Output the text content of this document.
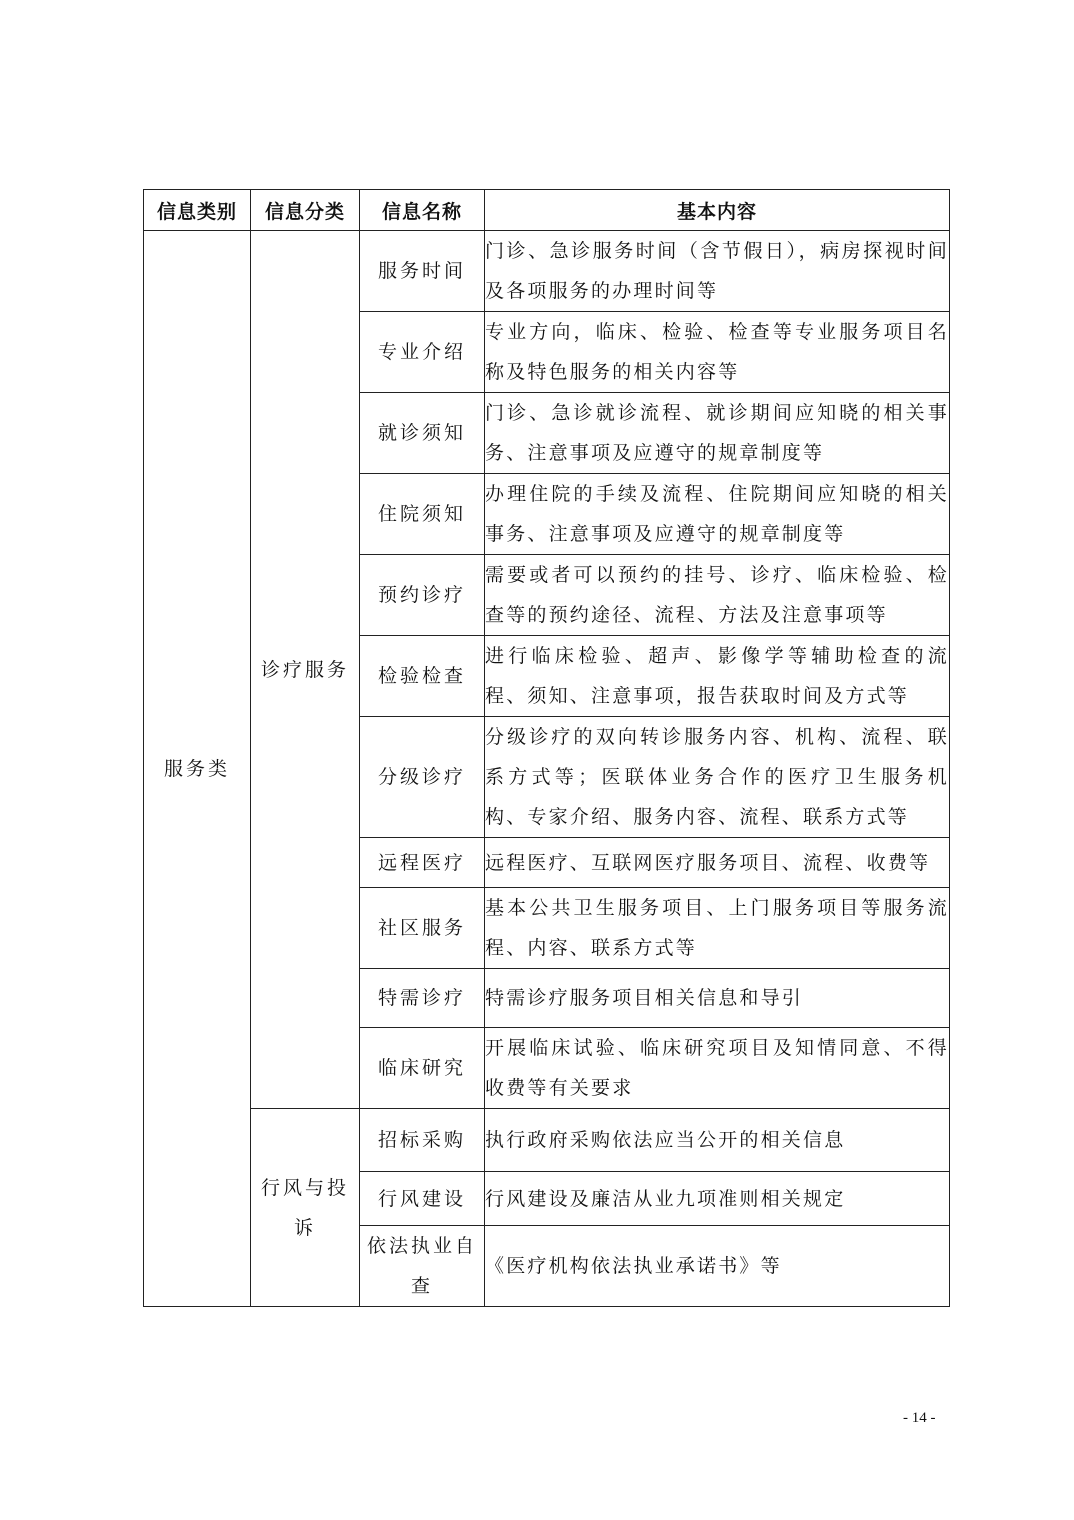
信息类别	信息分类	信息名称	基本内容
服务类	诊疗服务	服务时间	门诊、急诊服务时间（含节假日），病房探视时间及各项服务的办理时间等
		专业介绍	专业方向，临床、检验、检查等专业服务项目名称及特色服务的相关内容等
		就诊须知	门诊、急诊就诊流程、就诊期间应知晓的相关事务、注意事项及应遵守的规章制度等
		住院须知	办理住院的手续及流程、住院期间应知晓的相关事务、注意事项及应遵守的规章制度等
		预约诊疗	需要或者可以预约的挂号、诊疗、临床检验、检查等的预约途径、流程、方法及注意事项等
		检验检查	进行临床检验、超声、影像学等辅助检查的流程、须知、注意事项，报告获取时间及方式等
		分级诊疗	分级诊疗的双向转诊服务内容、机构、流程、联系方式等；医联体业务合作的医疗卫生服务机构、专家介绍、服务内容、流程、联系方式等
		远程医疗	远程医疗、互联网医疗服务项目、流程、收费等
		社区服务	基本公共卫生服务项目、上门服务项目等服务流程、内容、联系方式等
		特需诊疗	特需诊疗服务项目相关信息和导引
		临床研究	开展临床试验、临床研究项目及知情同意、不得收费等有关要求
	行风与投诉	招标采购	执行政府采购依法应当公开的相关信息
		行风建设	行风建设及廉洁从业九项准则相关规定
		依法执业自查	《医疗机构依法执业承诺书》等
- 14 -
